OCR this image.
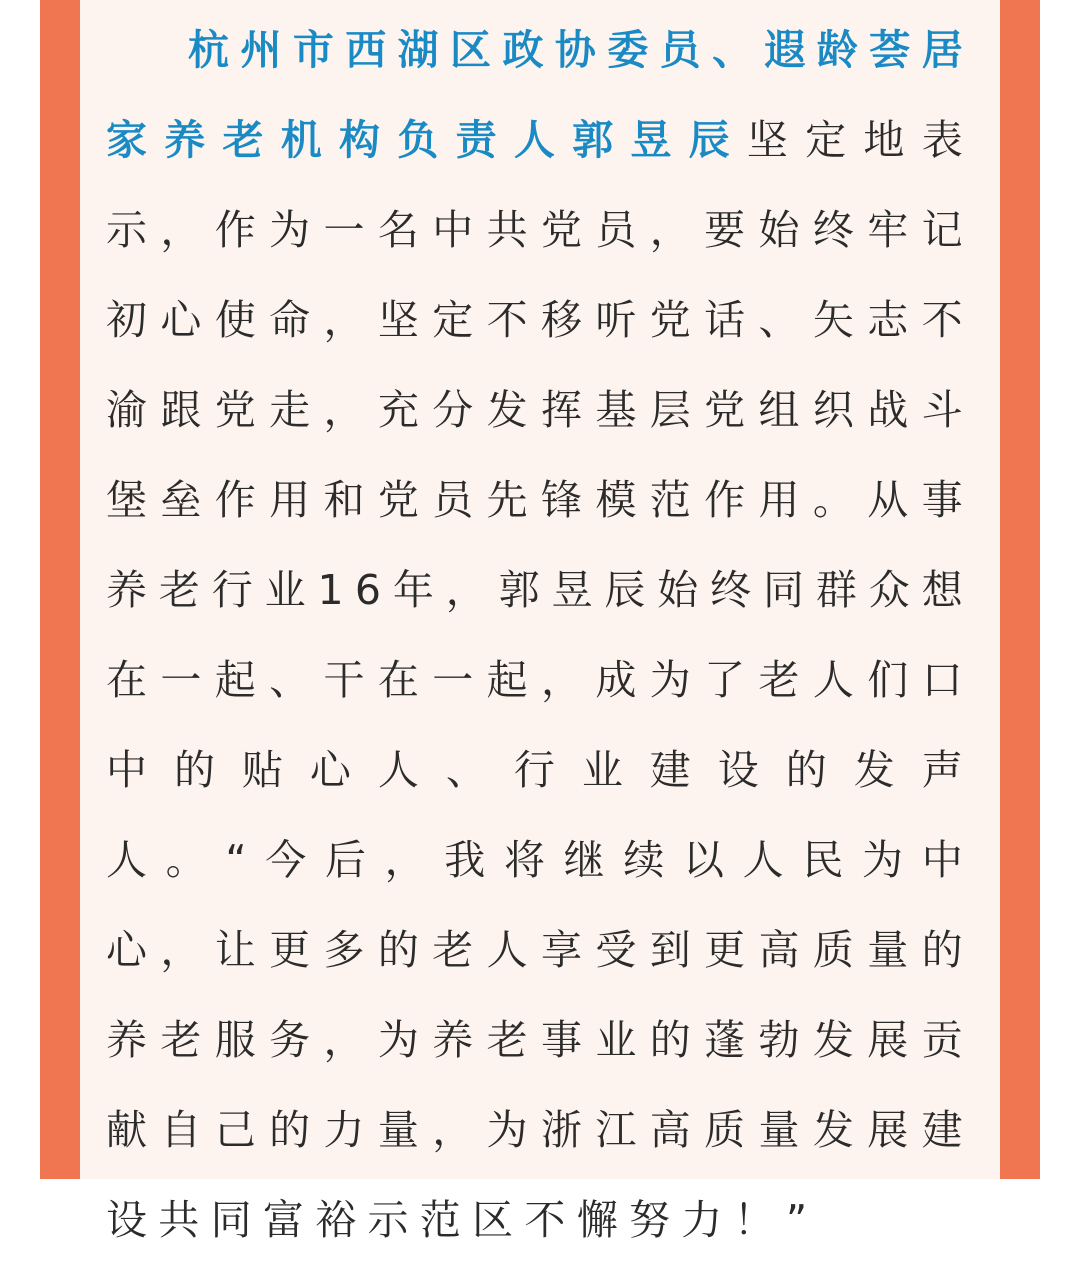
杭州市西湖区政协委员、遐龄荟居家养老机构负责人郭昱辰坚定地表示，作为一名中共党员，要始终牢记初心使命，坚定不移听党话、矢志不渝跟党走，充分发挥基层党组织战斗堡垒作用和党员先锋模范作用。从事养老行业16年，郭昱辰始终同群众想在一起、干在一起，成为了老人们口中的贴心人、行业建设的发声人。“今后，我将继续以人民为中心，让更多的老人享受到更高质量的养老服务，为养老事业的蓬勃发展贡献自己的力量，为浙江高质量发展建设共同富裕示范区不懈努力！”
